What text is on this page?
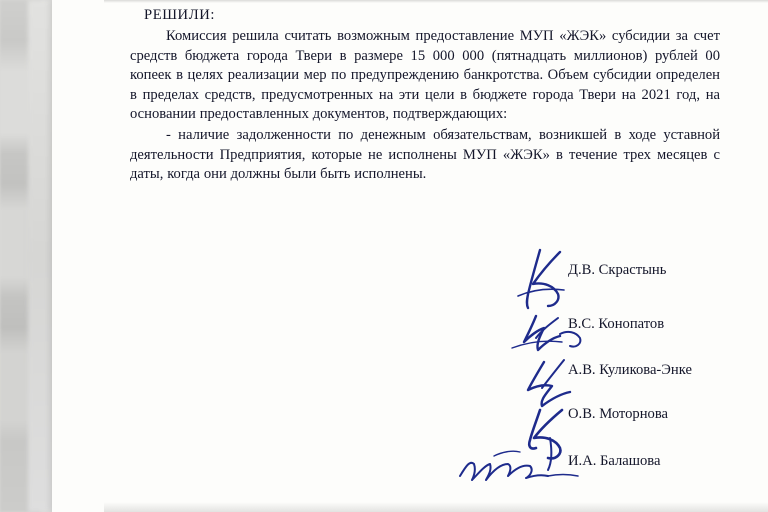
РЕШИЛИ:

Комиссия решила считать возможным предоставление МУП «ЖЭК» субсидии за счет средств бюджета города Твери в размере 15 000 000 (пятнадцать миллионов) рублей 00 копеек в целях реализации мер по предупреждению банкротства. Объем субсидии определен в пределах средств, предусмотренных на эти цели в бюджете города Твери на 2021 год, на основании предоставленных документов, подтверждающих:

- наличие задолженности по денежным обязательствам, возникшей в ходе уставной деятельности Предприятия, которые не исполнены МУП «ЖЭК» в течение трех месяцев с даты, когда они должны были быть исполнены.

Д.В. Скрастынь
В.С. Конопатов
А.В. Куликова-Энке
О.В. Моторнова
И.А. Балашова
